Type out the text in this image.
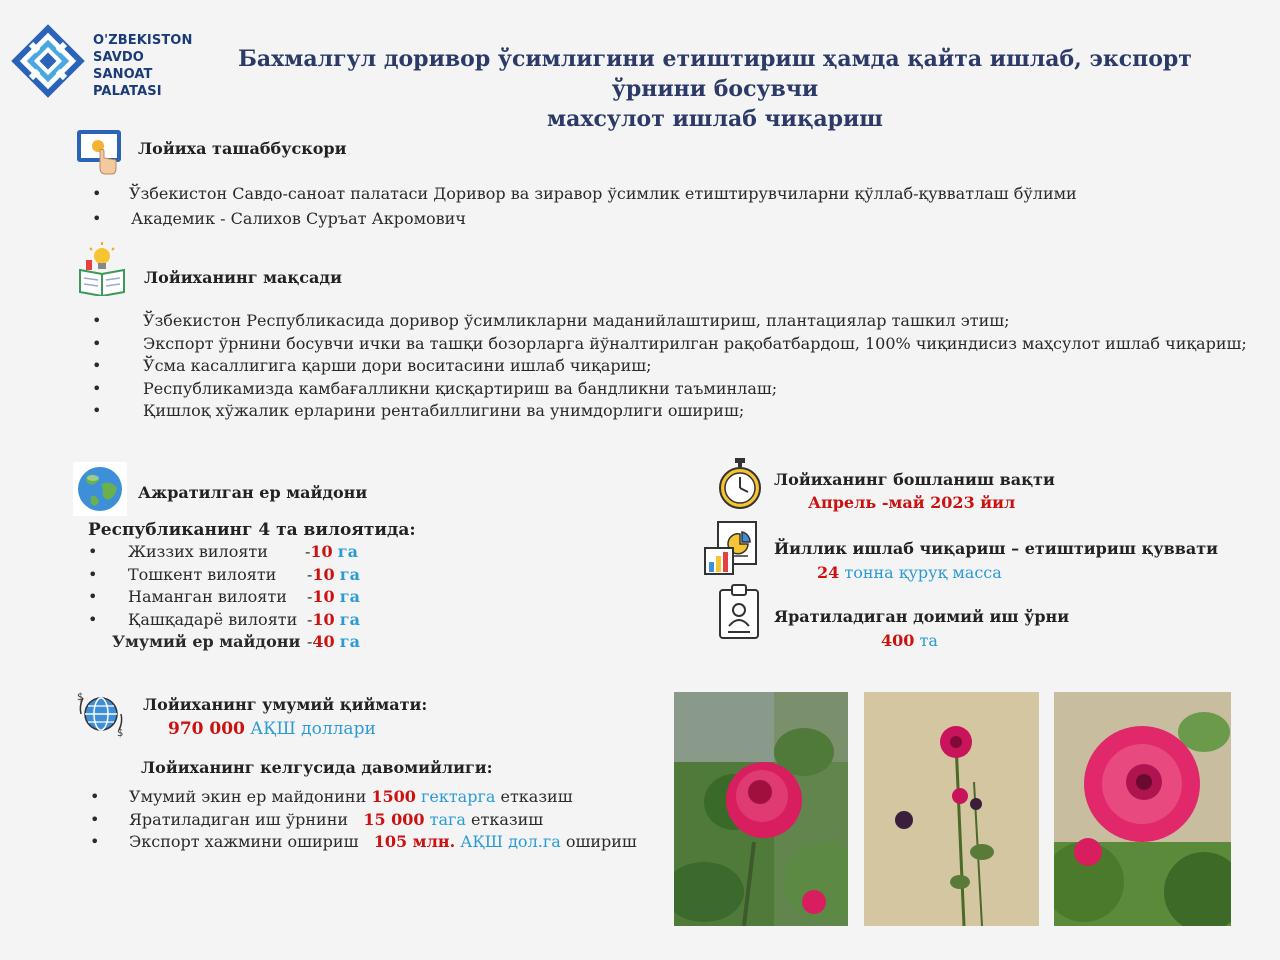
O'ZBEKISTON
SAVDO SANOAT
PALATASI
Бахмалгул доривор ўсимлигини етиштириш ҳамда қайта ишлаб, экспорт ўрнини босувчи
махсулот ишлаб чиқариш
Лойиха ташаббускори
• Ўзбекистон Савдо-саноат палатаси Доривор ва зиравор ўсимлик етиштирувчиларни қўллаб-қувватлаш бўлими
• Академик - Салихов Суръат Акромович
Лойиханинг мақсади
•	Ўзбекистон Республикасида доривор ўсимликларни маданийлаштириш, плантациялар ташкил этиш;
•	Экспорт ўрнини босувчи ички ва ташқи бозорларга йўналтирилган рақобатбардош, 100% чиқиндисиз маҳсулот ишлаб чиқариш;
•	Ўсма касаллигига қарши дори воситасини ишлаб чиқариш;
•	Республикамизда камбағалликни қисқартириш ва бандликни таъминлаш;
•	Қишлоқ хўжалик ерларини рентабиллигини ва унимдорлиги ошириш;
Ажратилган ер майдони
Республиканинг 4 та вилоятида:
• Жиззих вилояти -10 га
• Тошкент вилояти -10 га
• Наманган вилояти -10 га
• Қашқадарё вилояти -10 га
Умумий ер майдони -40 га
Лойиханинг бошланиш вақти
Апрель -май 2023 йил
Йиллик ишлаб чиқариш – етиштириш қуввати
24 тонна қуруқ масса
Яратиладиган доимий иш ўрни
400 та
$
$
Лойиханинг умумий қиймати:
970 000 АҚШ доллари
Лойиханинг келгусида давомийлиги:
• Умумий экин ер майдонини 1500 гектарга етказиш
• Яратиладиган иш ўрнини 15 000 тага етказиш
• Экспорт хажмини ошириш 105 млн. АҚШ дол.га ошириш
